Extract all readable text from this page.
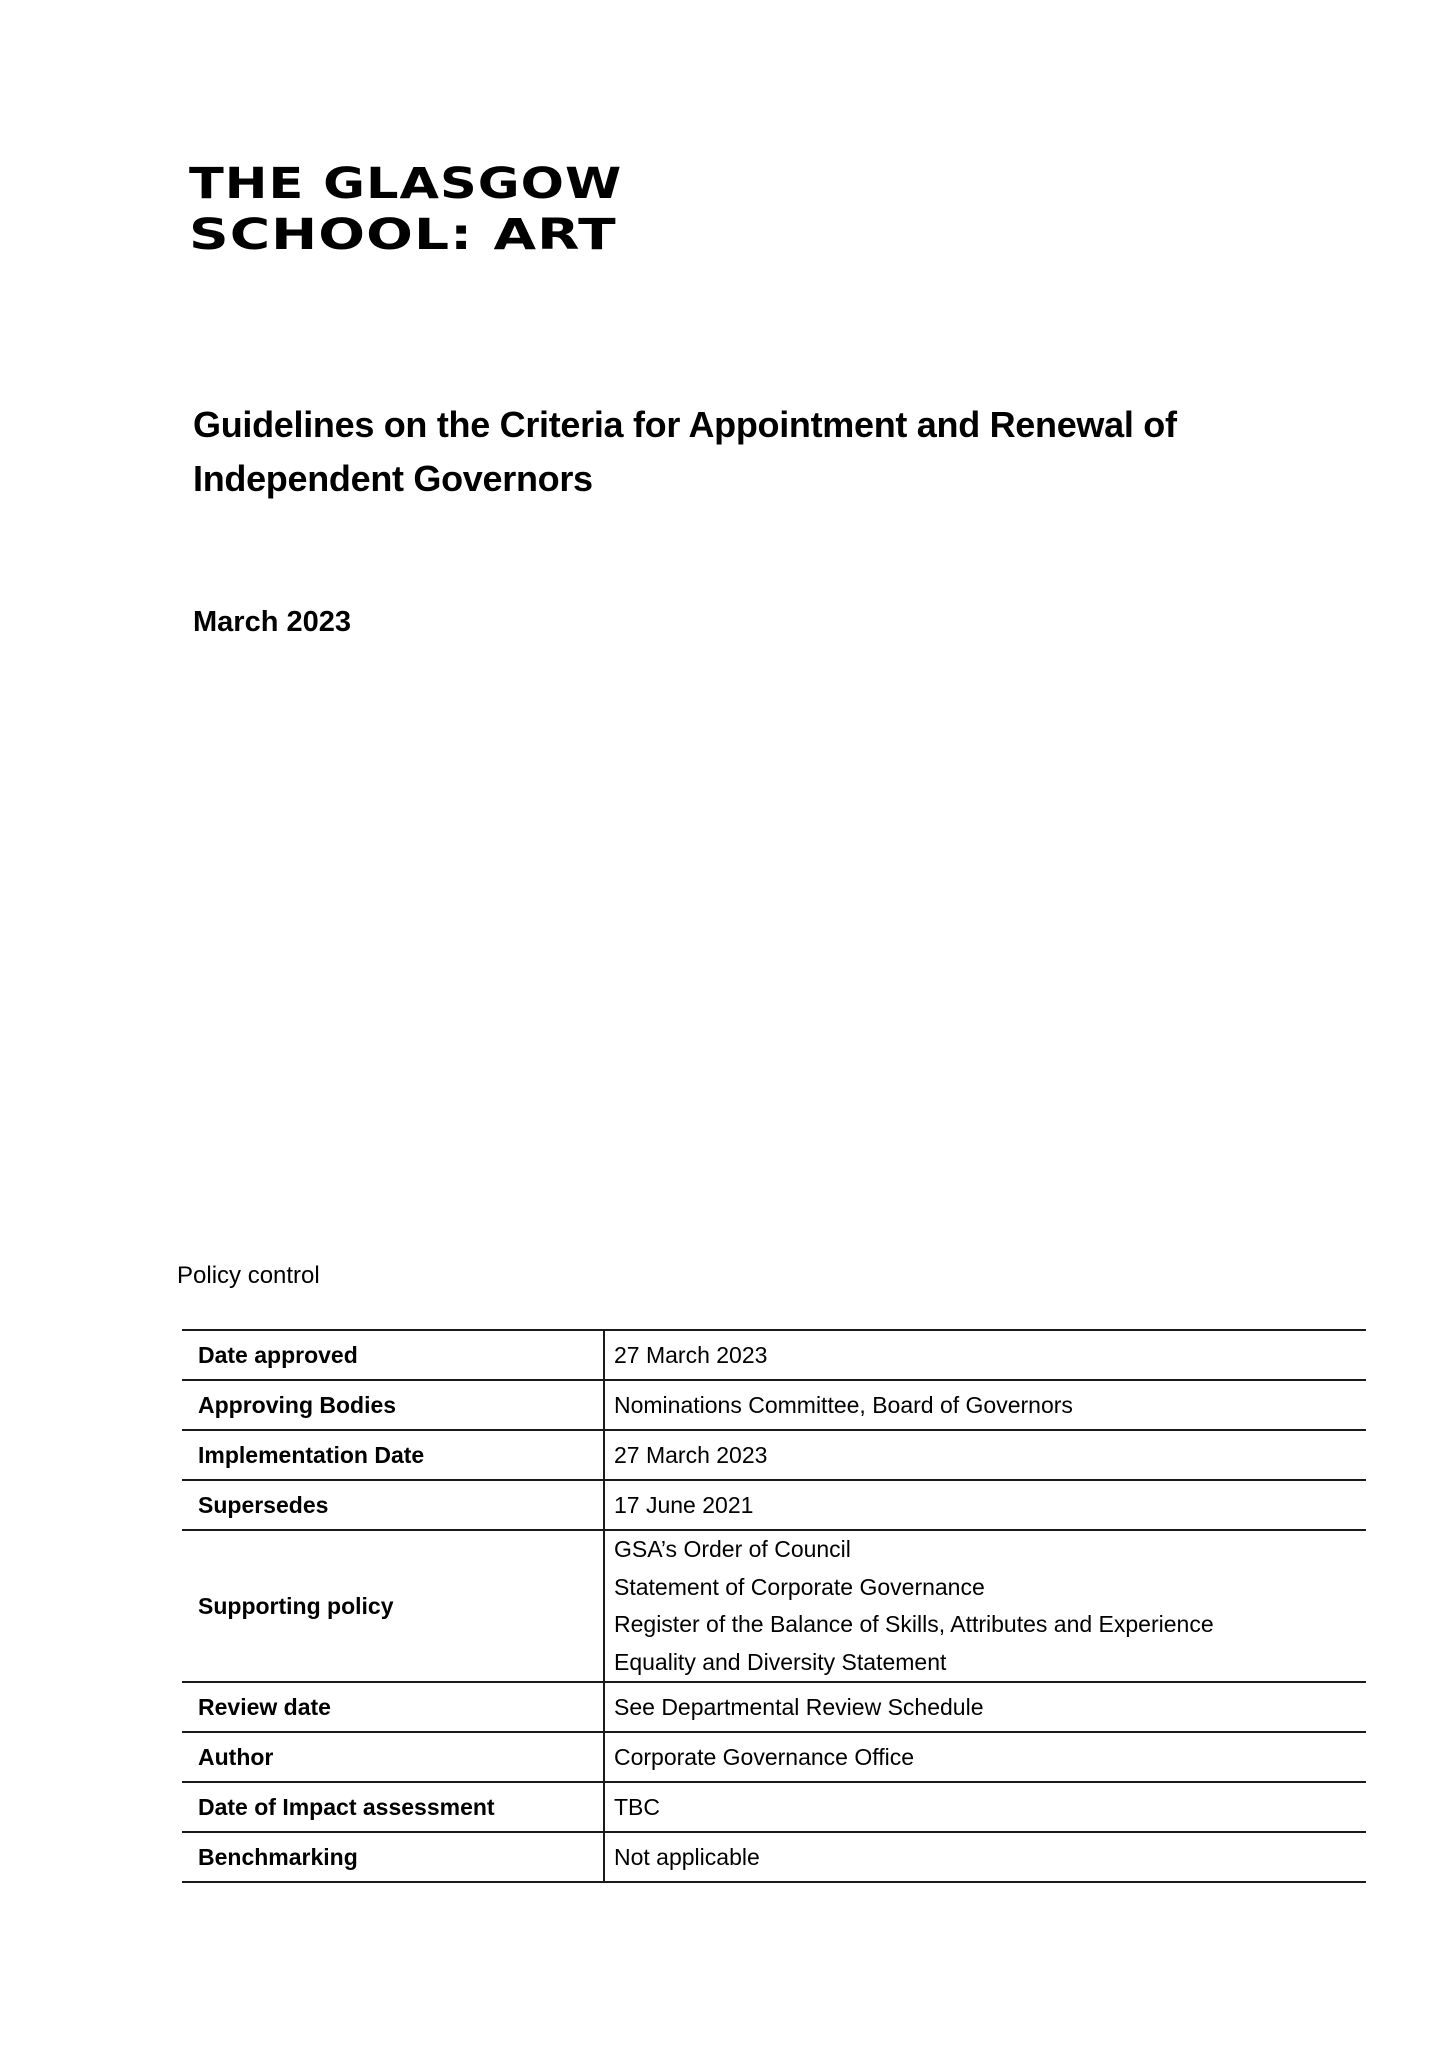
THE GLASGOW
SCHOOL: ART
Guidelines on the Criteria for Appointment and Renewal of Independent Governors
March 2023
Policy control
Date approved	27 March 2023
Approving Bodies	Nominations Committee, Board of Governors
Implementation Date	27 March 2023
Supersedes	17 June 2021
Supporting policy	GSA’s Order of Council
Statement of Corporate Governance
Register of the Balance of Skills, Attributes and Experience
Equality and Diversity Statement

Review date	See Departmental Review Schedule
Author	Corporate Governance Office
Date of Impact assessment	TBC
Benchmarking	Not applicable
